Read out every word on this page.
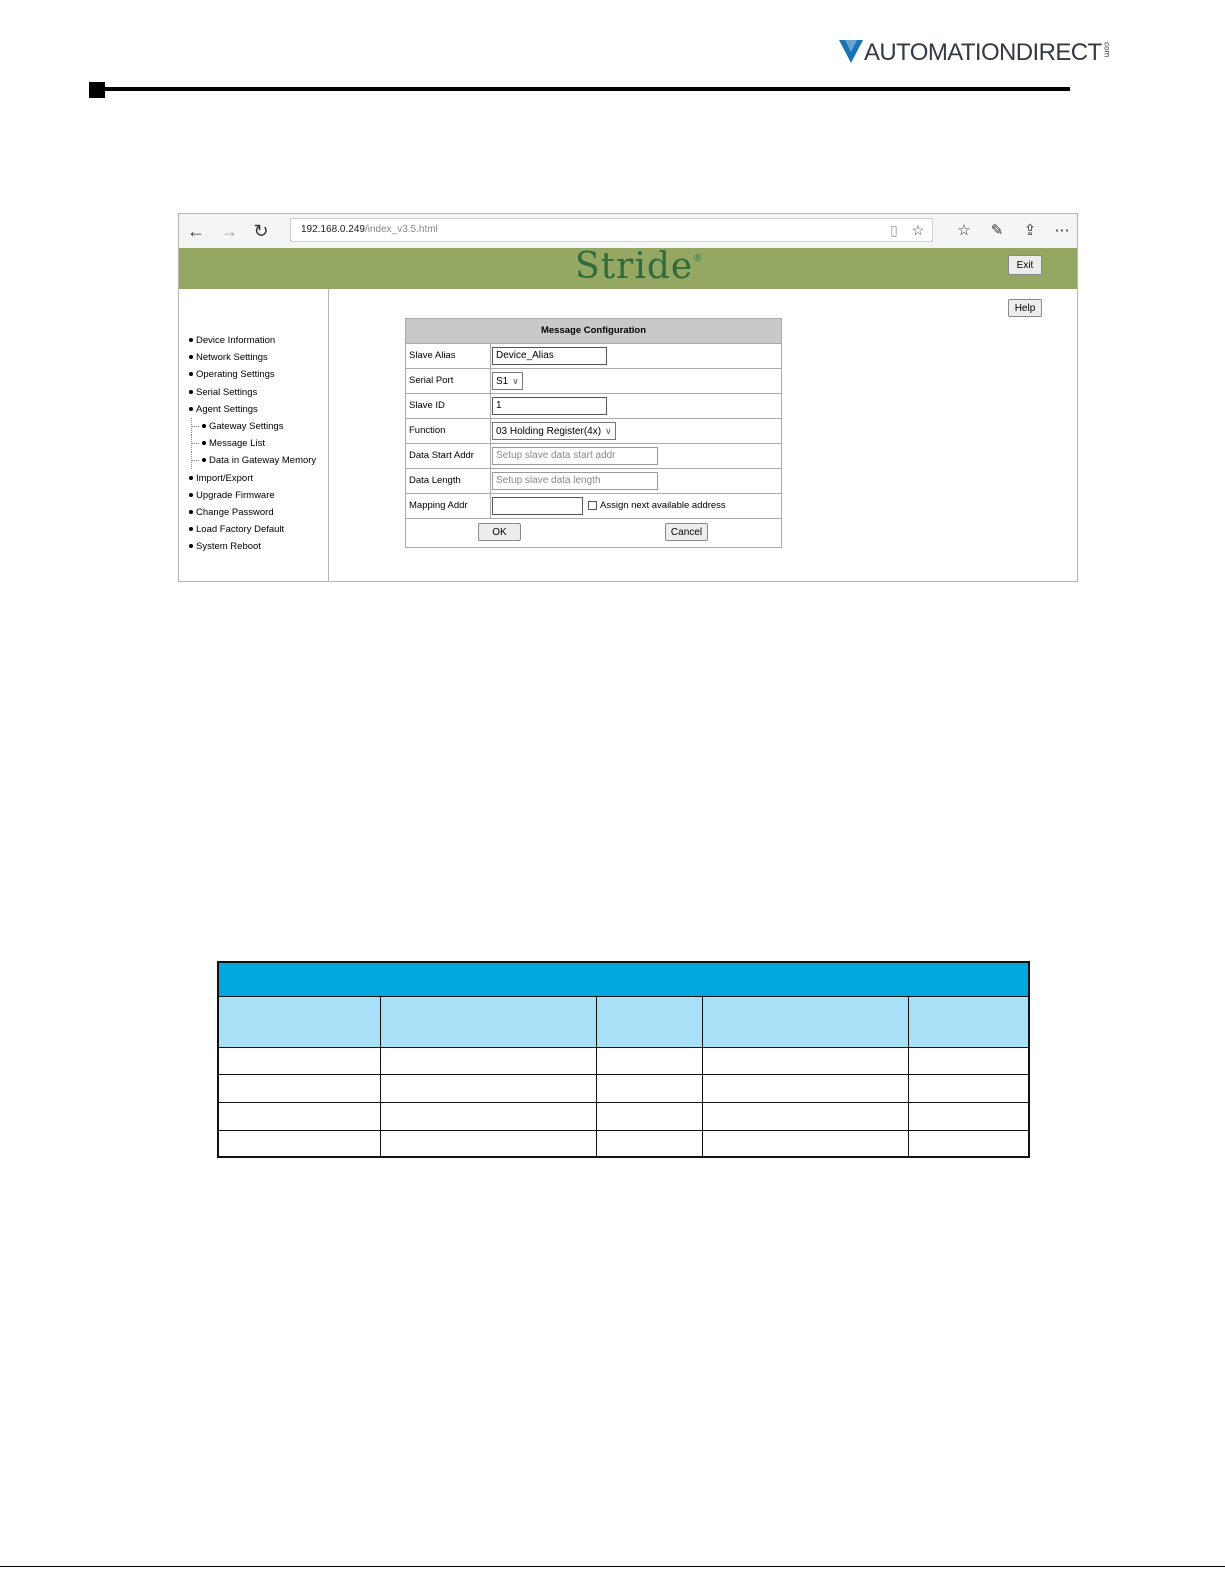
AUTOMATIONDIRECT com
← → ↻	192.168.0.249/index_v3.5.html	▯ ☆ ☆	✎	⇪	⋯
Stride®
Exit
Device Information
Network Settings
Operating Settings
Serial Settings
Agent Settings
Gateway Settings
Message List
Data in Gateway Memory
Import/Export
Upgrade Firmware
Change Password
Load Factory Default
System Reboot
Help
Message Configuration
Slave Alias	Device_Alias
Serial Port	S1 ∨
Slave ID	1
Function	03 Holding Register(4x) ∨
Data Start Addr	Setup slave data start addr
Data Length	Setup slave data length
Mapping Addr	Assign next available address
OK	Cancel
